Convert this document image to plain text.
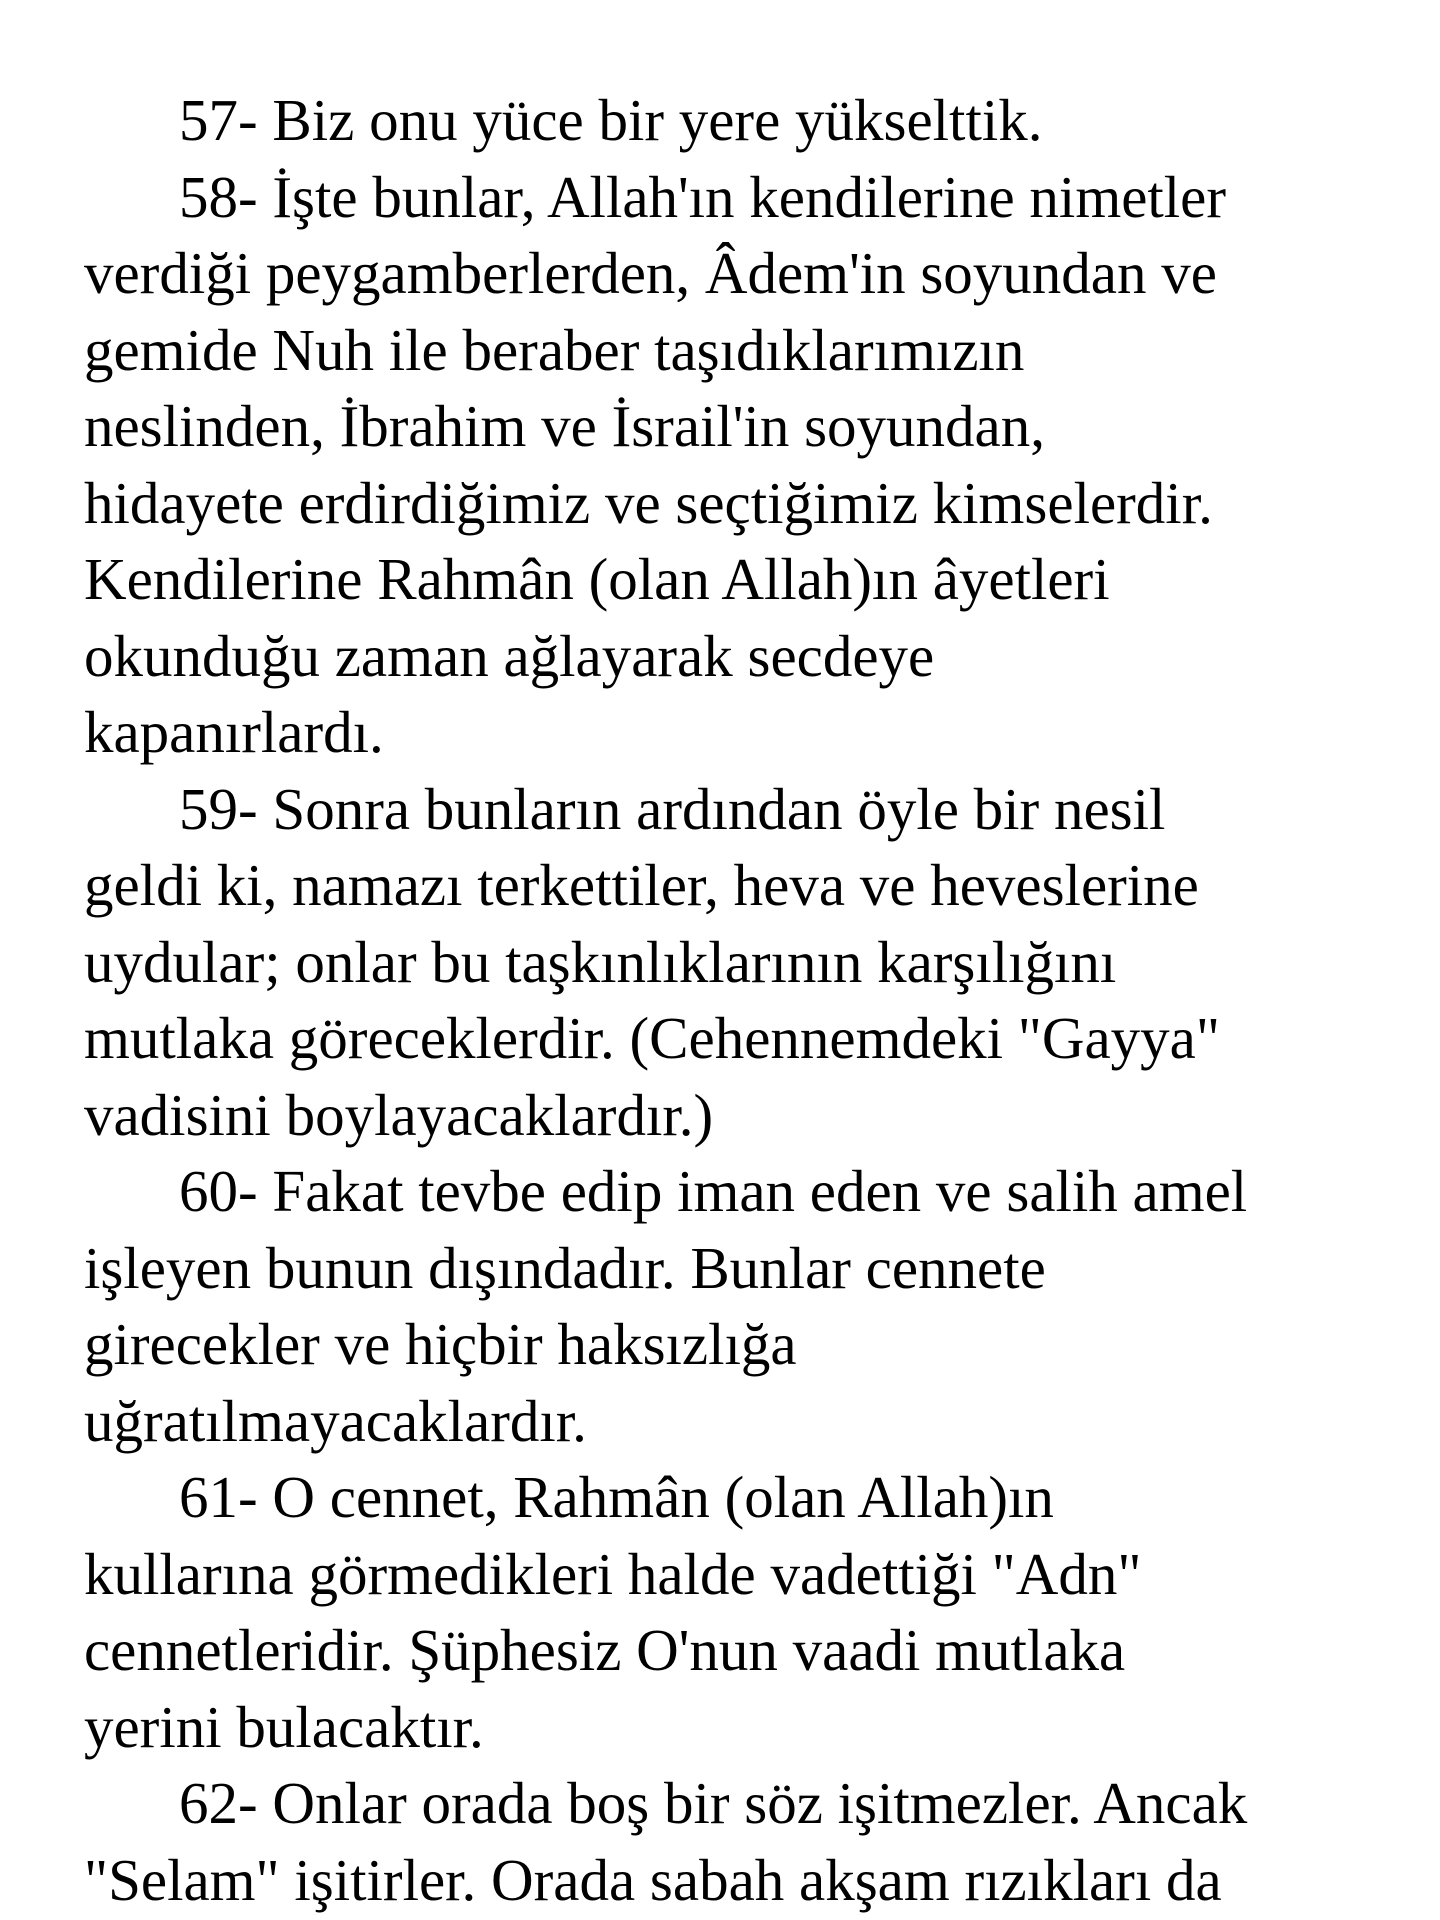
57- Biz onu yüce bir yere yükselttik.
58- İşte bunlar, Allah'ın kendilerine nimetler
verdiği peygamberlerden, Âdem'in soyundan ve
gemide Nuh ile beraber taşıdıklarımızın
neslinden, İbrahim ve İsrail'in soyundan,
hidayete erdirdiğimiz ve seçtiğimiz kimselerdir.
Kendilerine Rahmân (olan Allah)ın âyetleri
okunduğu zaman ağlayarak secdeye
kapanırlardı.
59- Sonra bunların ardından öyle bir nesil
geldi ki, namazı terkettiler, heva ve heveslerine
uydular; onlar bu taşkınlıklarının karşılığını
mutlaka göreceklerdir. (Cehennemdeki "Gayya"
vadisini boylayacaklardır.)
60- Fakat tevbe edip iman eden ve salih amel
işleyen bunun dışındadır. Bunlar cennete
girecekler ve hiçbir haksızlığa
uğratılmayacaklardır.
61- O cennet, Rahmân (olan Allah)ın
kullarına görmedikleri halde vadettiği "Adn"
cennetleridir. Şüphesiz O'nun vaadi mutlaka
yerini bulacaktır.
62- Onlar orada boş bir söz işitmezler. Ancak
"Selam" işitirler. Orada sabah akşam rızıkları da
